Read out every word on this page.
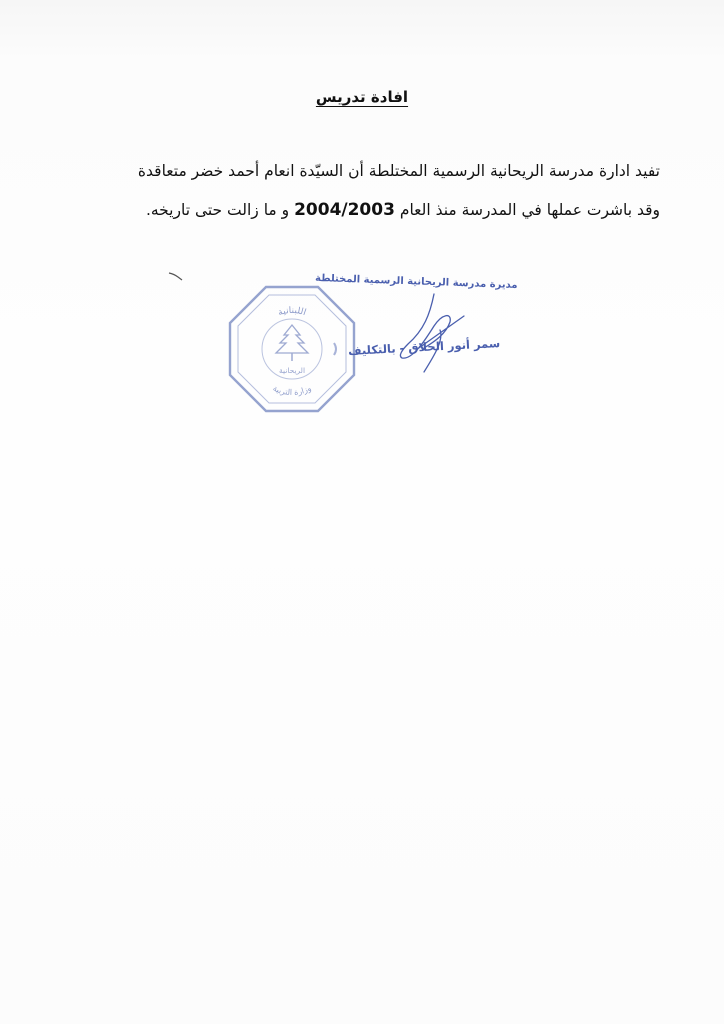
افادة تدريس

تفيد ادارة مدرسة الريحانية الرسمية المختلطة أن السيّدة انعام أحمد خضر متعاقدة

وقد باشرت عملها في المدرسة منذ العام 2004/2003 و ما زالت حتى تاريخه.

اللبنانية
وزارة التربية
الريحانية
مديرة مدرسة الريحانية الرسمية المختلطة
سمر أنور الحلاق - بالتكليف
